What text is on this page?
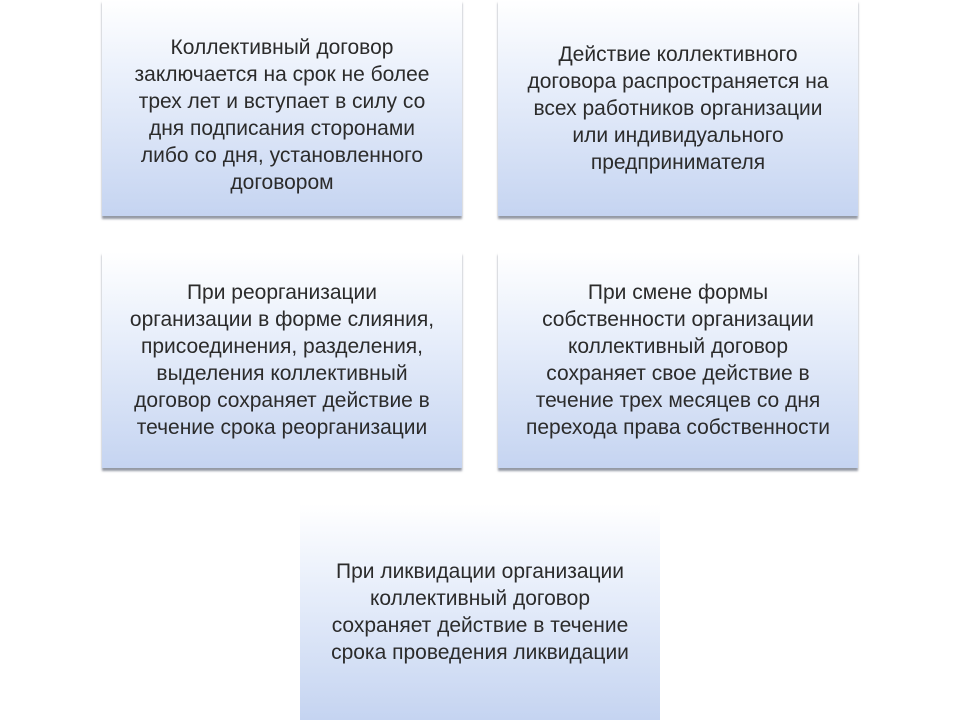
Коллективный договор
заключается на срок не более
трех лет и вступает в силу со
дня подписания сторонами
либо со дня, установленного
договором

Действие коллективного
договора распространяется на
всех работников организации
или индивидуального
предпринимателя

При реорганизации
организации в форме слияния,
присоединения, разделения,
выделения коллективный
договор сохраняет действие в
течение срока реорганизации

При смене формы
собственности организации
коллективный договор
сохраняет свое действие в
течение трех месяцев со дня
перехода права собственности

При ликвидации организации
коллективный договор
сохраняет действие в течение
срока проведения ликвидации
